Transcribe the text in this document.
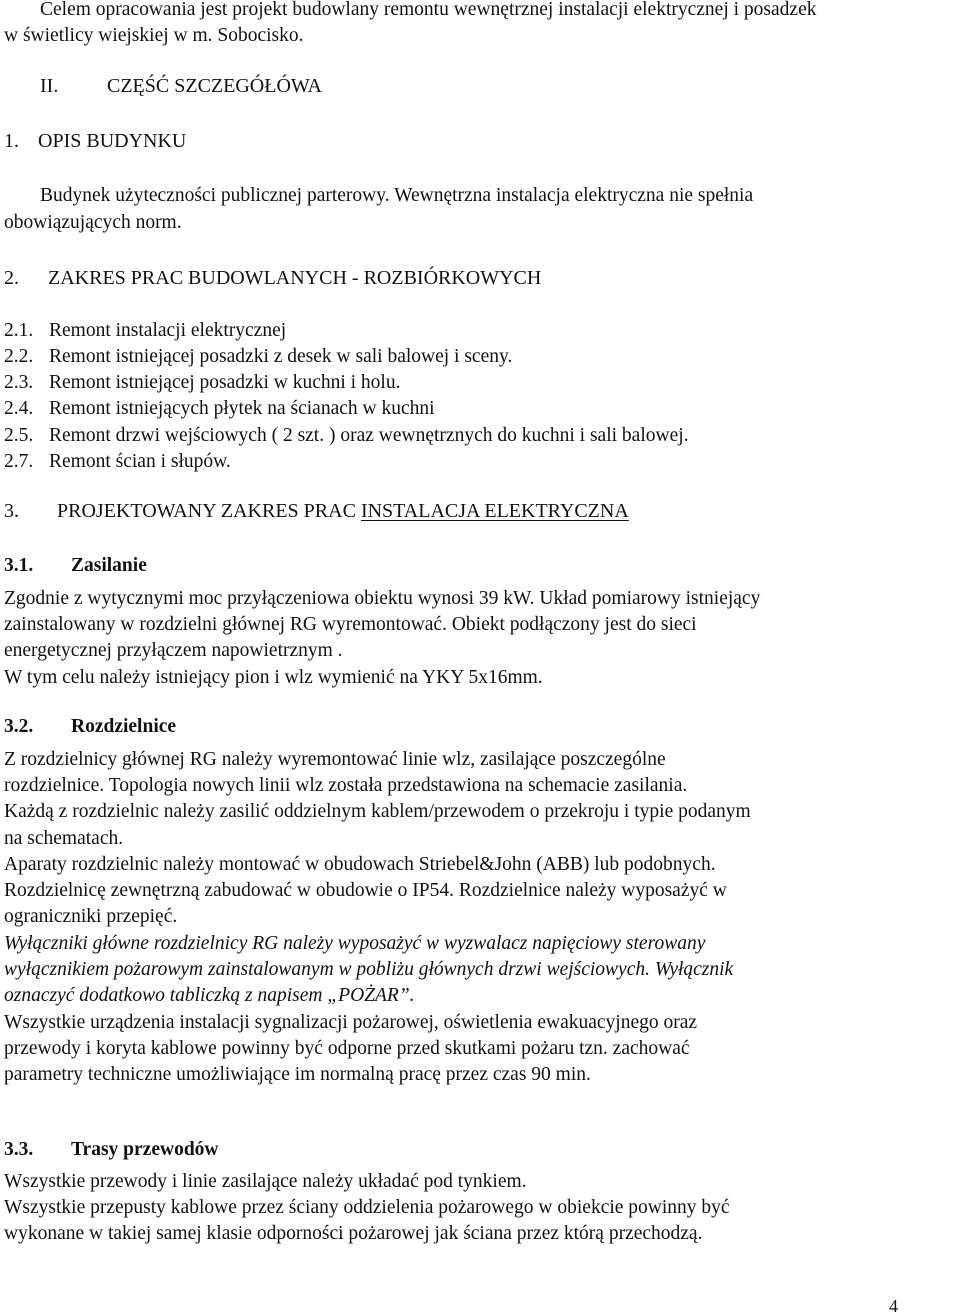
Celem opracowania jest projekt budowlany remontu wewnętrznej instalacji elektrycznej i posadzek
w świetlicy wiejskiej w m. Sobocisko.
II. CZĘŚĆ SZCZEGÓŁÓWA
1. OPIS BUDYNKU
Budynek użyteczności publicznej parterowy. Wewnętrzna instalacja elektryczna nie spełnia
obowiązujących norm.
2. ZAKRES PRAC BUDOWLANYCH - ROZBIÓRKOWYCH
2.1. Remont instalacji elektrycznej
2.2. Remont istniejącej posadzki z desek w sali balowej i sceny.
2.3. Remont istniejącej posadzki w kuchni i holu.
2.4. Remont istniejących płytek na ścianach w kuchni
2.5. Remont drzwi wejściowych ( 2 szt. ) oraz wewnętrznych do kuchni i sali balowej.
2.7. Remont ścian i słupów.
3. PROJEKTOWANY ZAKRES PRAC INSTALACJA ELEKTRYCZNA
3.1. Zasilanie
Zgodnie z wytycznymi moc przyłączeniowa obiektu wynosi 39 kW. Układ pomiarowy istniejący
zainstalowany w rozdzielni głównej RG wyremontować. Obiekt podłączony jest do sieci
energetycznej przyłączem napowietrznym .
W tym celu należy istniejący pion i wlz wymienić na YKY 5x16mm.
3.2. Rozdzielnice
Z rozdzielnicy głównej RG należy wyremontować linie wlz, zasilające poszczególne
rozdzielnice. Topologia nowych linii wlz została przedstawiona na schemacie zasilania.
Każdą z rozdzielnic należy zasilić oddzielnym kablem/przewodem o przekroju i typie podanym
na schematach.
Aparaty rozdzielnic należy montować w obudowach Striebel&John (ABB) lub podobnych.
Rozdzielnicę zewnętrzną zabudować w obudowie o IP54. Rozdzielnice należy wyposażyć w
ograniczniki przepięć.
Wyłączniki główne rozdzielnicy RG należy wyposażyć w wyzwalacz napięciowy sterowany
wyłącznikiem pożarowym zainstalowanym w pobliżu głównych drzwi wejściowych. Wyłącznik
oznaczyć dodatkowo tabliczką z napisem „POŻAR”.
Wszystkie urządzenia instalacji sygnalizacji pożarowej, oświetlenia ewakuacyjnego oraz
przewody i koryta kablowe powinny być odporne przed skutkami pożaru tzn. zachować
parametry techniczne umożliwiające im normalną pracę przez czas 90 min.
3.3. Trasy przewodów
Wszystkie przewody i linie zasilające należy układać pod tynkiem.
Wszystkie przepusty kablowe przez ściany oddzielenia pożarowego w obiekcie powinny być
wykonane w takiej samej klasie odporności pożarowej jak ściana przez którą przechodzą.
4
